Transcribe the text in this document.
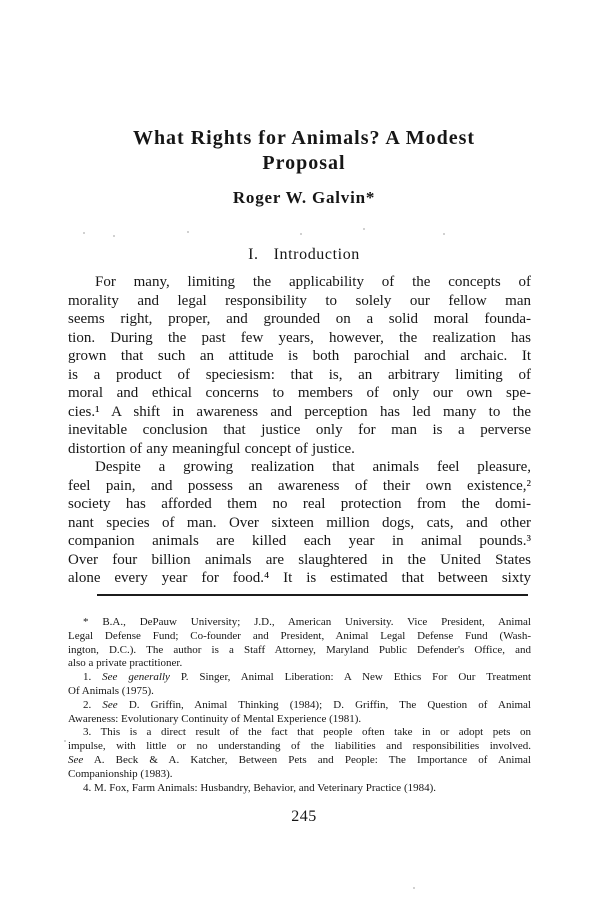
What Rights for Animals? A Modest
Proposal
Roger W. Galvin*
I. Introduction
For many, limiting the applicability of the concepts of
morality and legal responsibility to solely our fellow man
seems right, proper, and grounded on a solid moral founda-
tion. During the past few years, however, the realization has
grown that such an attitude is both parochial and archaic. It
is a product of speciesism: that is, an arbitrary limiting of
moral and ethical concerns to members of only our own spe-
cies.¹ A shift in awareness and perception has led many to the
inevitable conclusion that justice only for man is a perverse
distortion of any meaningful concept of justice.
Despite a growing realization that animals feel pleasure,
feel pain, and possess an awareness of their own existence,²
society has afforded them no real protection from the domi-
nant species of man. Over sixteen million dogs, cats, and other
companion animals are killed each year in animal pounds.³
Over four billion animals are slaughtered in the United States
alone every year for food.⁴ It is estimated that between sixty
* B.A., DePauw University; J.D., American University. Vice President, Animal
Legal Defense Fund; Co-founder and President, Animal Legal Defense Fund (Wash-
ington, D.C.). The author is a Staff Attorney, Maryland Public Defender's Office, and
also a private practitioner.
1. See generally P. Singer, Animal Liberation: A New Ethics For Our Treatment
Of Animals (1975).
2. See D. Griffin, Animal Thinking (1984); D. Griffin, The Question of Animal
Awareness: Evolutionary Continuity of Mental Experience (1981).
3. This is a direct result of the fact that people often take in or adopt pets on
impulse, with little or no understanding of the liabilities and responsibilities involved.
See A. Beck & A. Katcher, Between Pets and People: The Importance of Animal
Companionship (1983).
4. M. Fox, Farm Animals: Husbandry, Behavior, and Veterinary Practice (1984).
245
